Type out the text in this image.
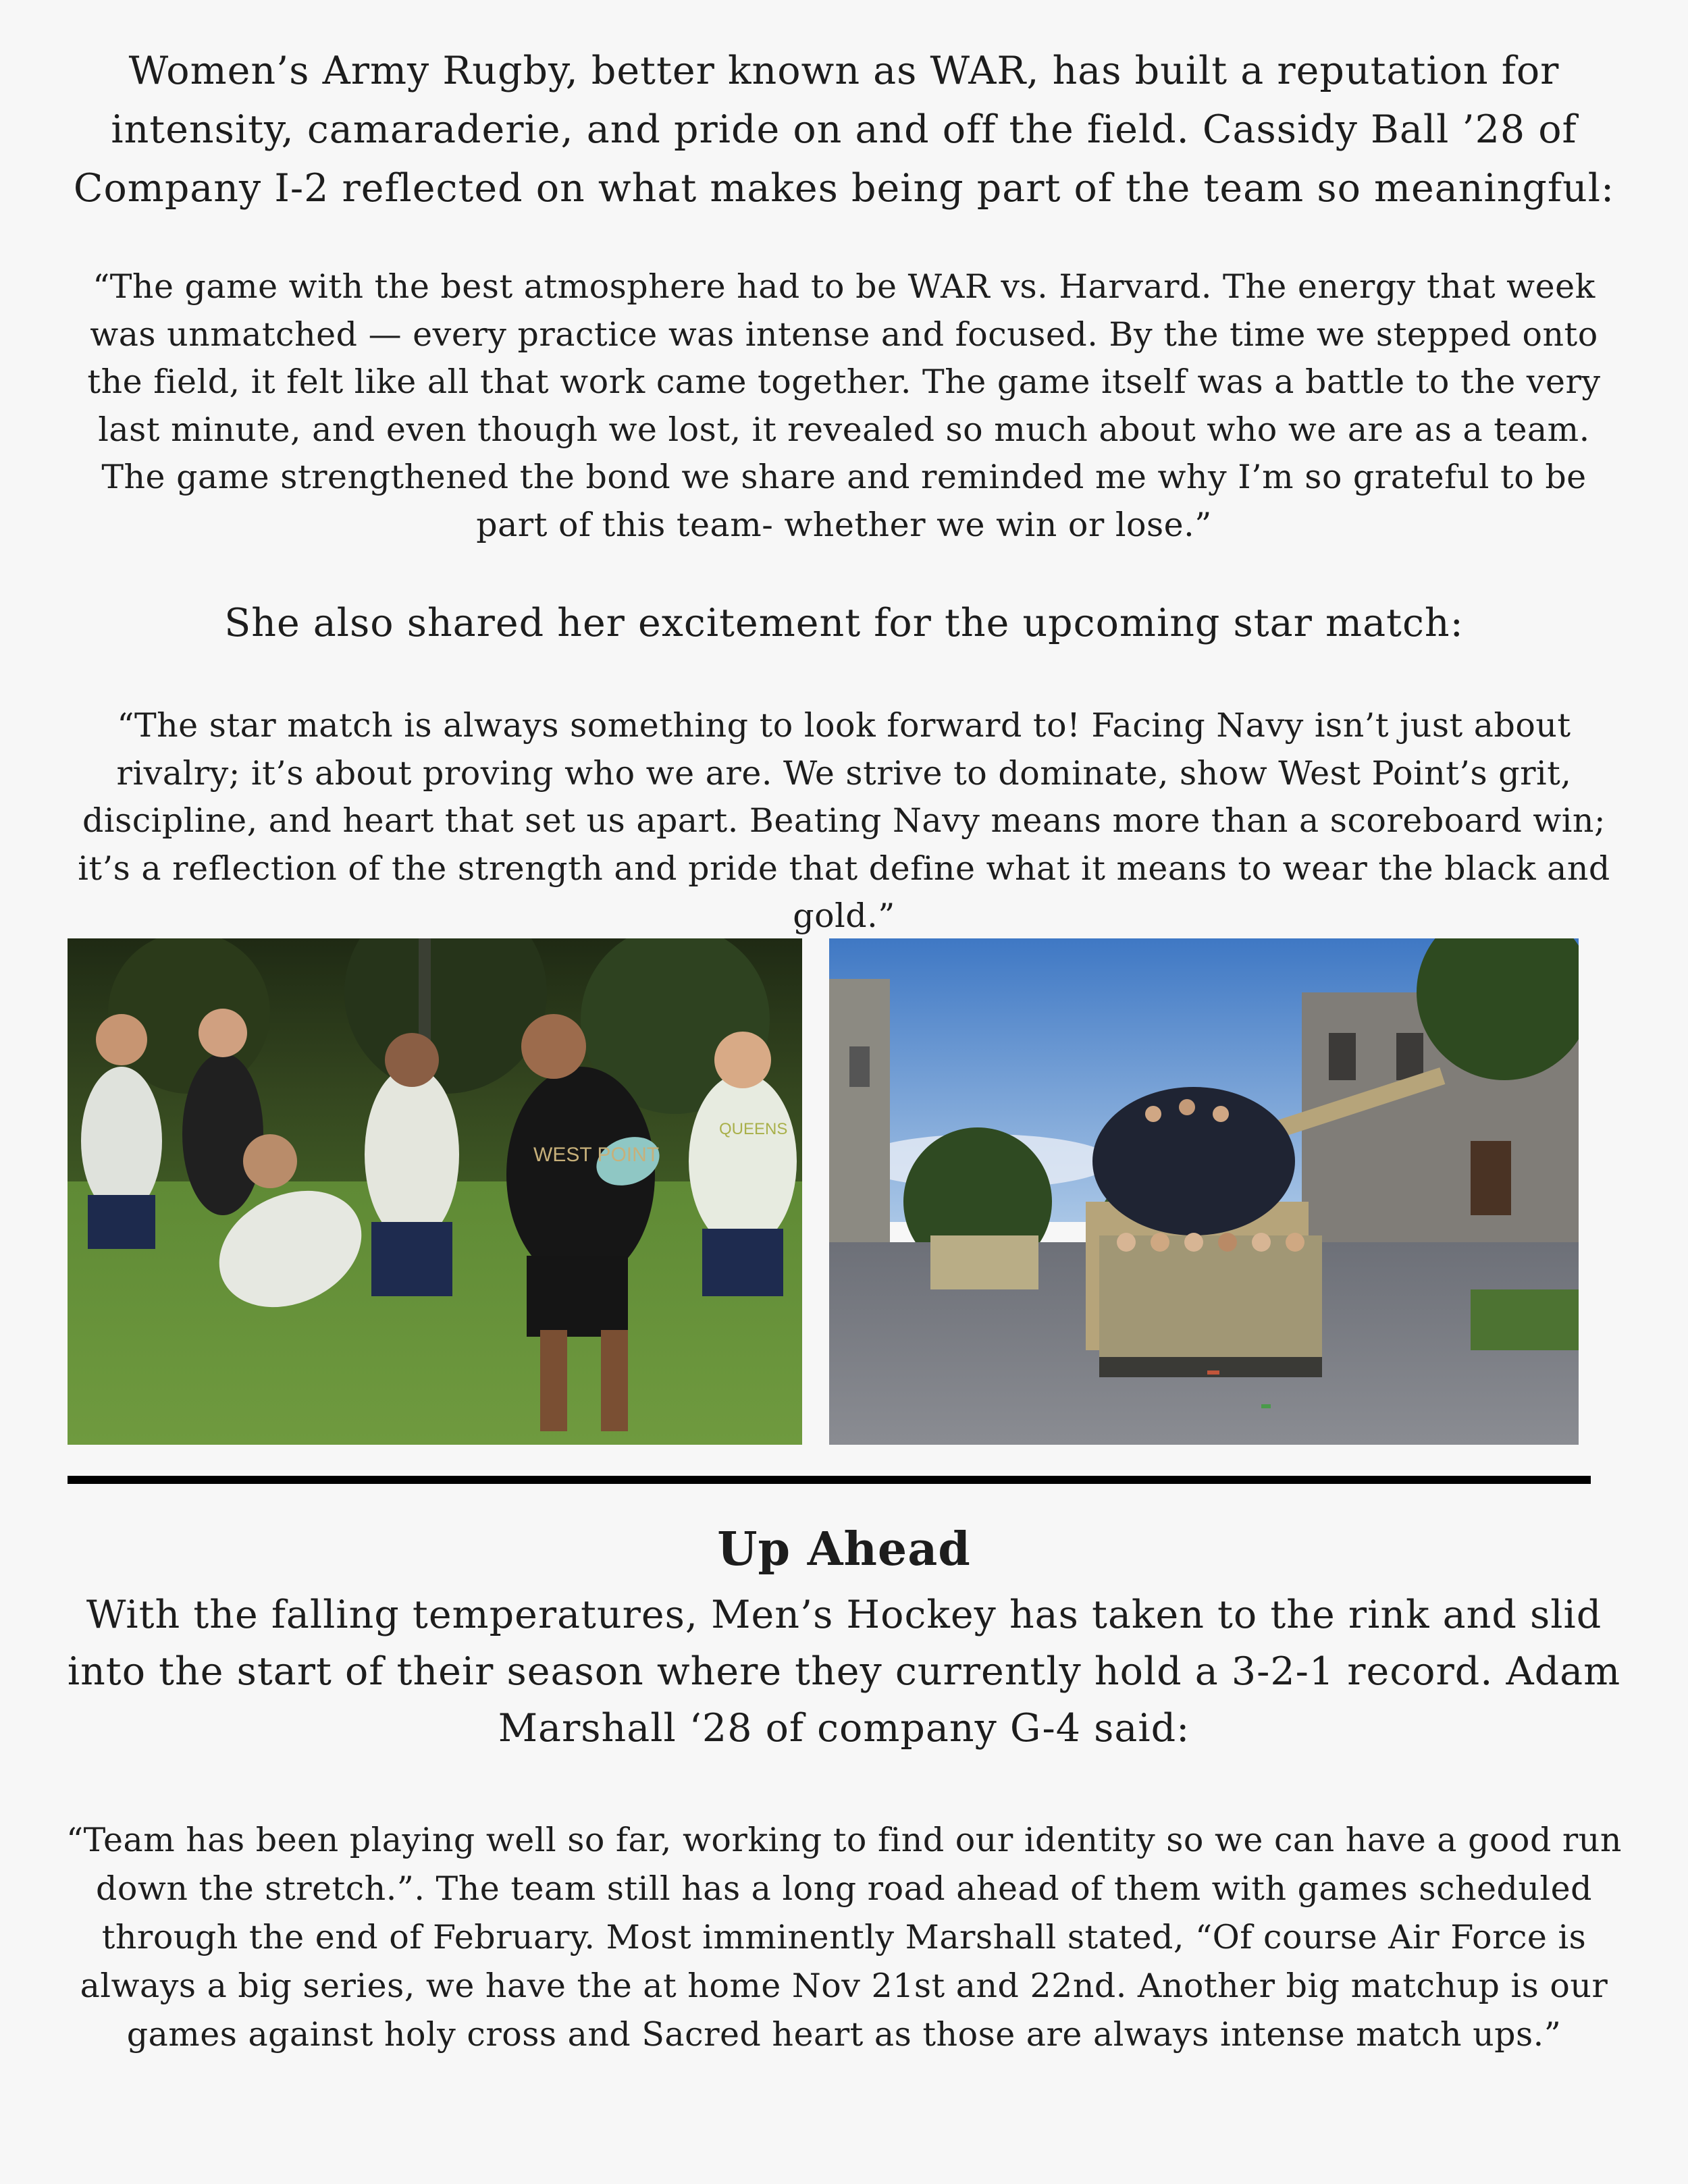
Women’s Army Rugby, better known as WAR, has built a reputation for intensity, camaraderie, and pride on and off the field. Cassidy Ball ’28 of Company I-2 reflected on what makes being part of the team so meaningful:

“The game with the best atmosphere had to be WAR vs. Harvard. The energy that week was unmatched — every practice was intense and focused. By the time we stepped onto the field, it felt like all that work came together. The game itself was a battle to the very last minute, and even though we lost, it revealed so much about who we are as a team. The game strengthened the bond we share and reminded me why I’m so grateful to be part of this team- whether we win or lose.”

She also shared her excitement for the upcoming star match:

“The star match is always something to look forward to! Facing Navy isn’t just about rivalry; it’s about proving who we are. We strive to dominate, show West Point’s grit, discipline, and heart that set us apart. Beating Navy means more than a scoreboard win; it’s a reflection of the strength and pride that define what it means to wear the black and gold.”

WEST POINT
QUEENS
Up Ahead

With the falling temperatures, Men’s Hockey has taken to the rink and slid into the start of their season where they currently hold a 3-2-1 record. Adam Marshall ‘28 of company G-4 said:

“Team has been playing well so far, working to find our identity so we can have a good run down the stretch.”. The team still has a long road ahead of them with games scheduled through the end of February. Most imminently Marshall stated, “Of course Air Force is always a big series, we have the at home Nov 21st and 22nd. Another big matchup is our games against holy cross and Sacred heart as those are always intense match ups.”
